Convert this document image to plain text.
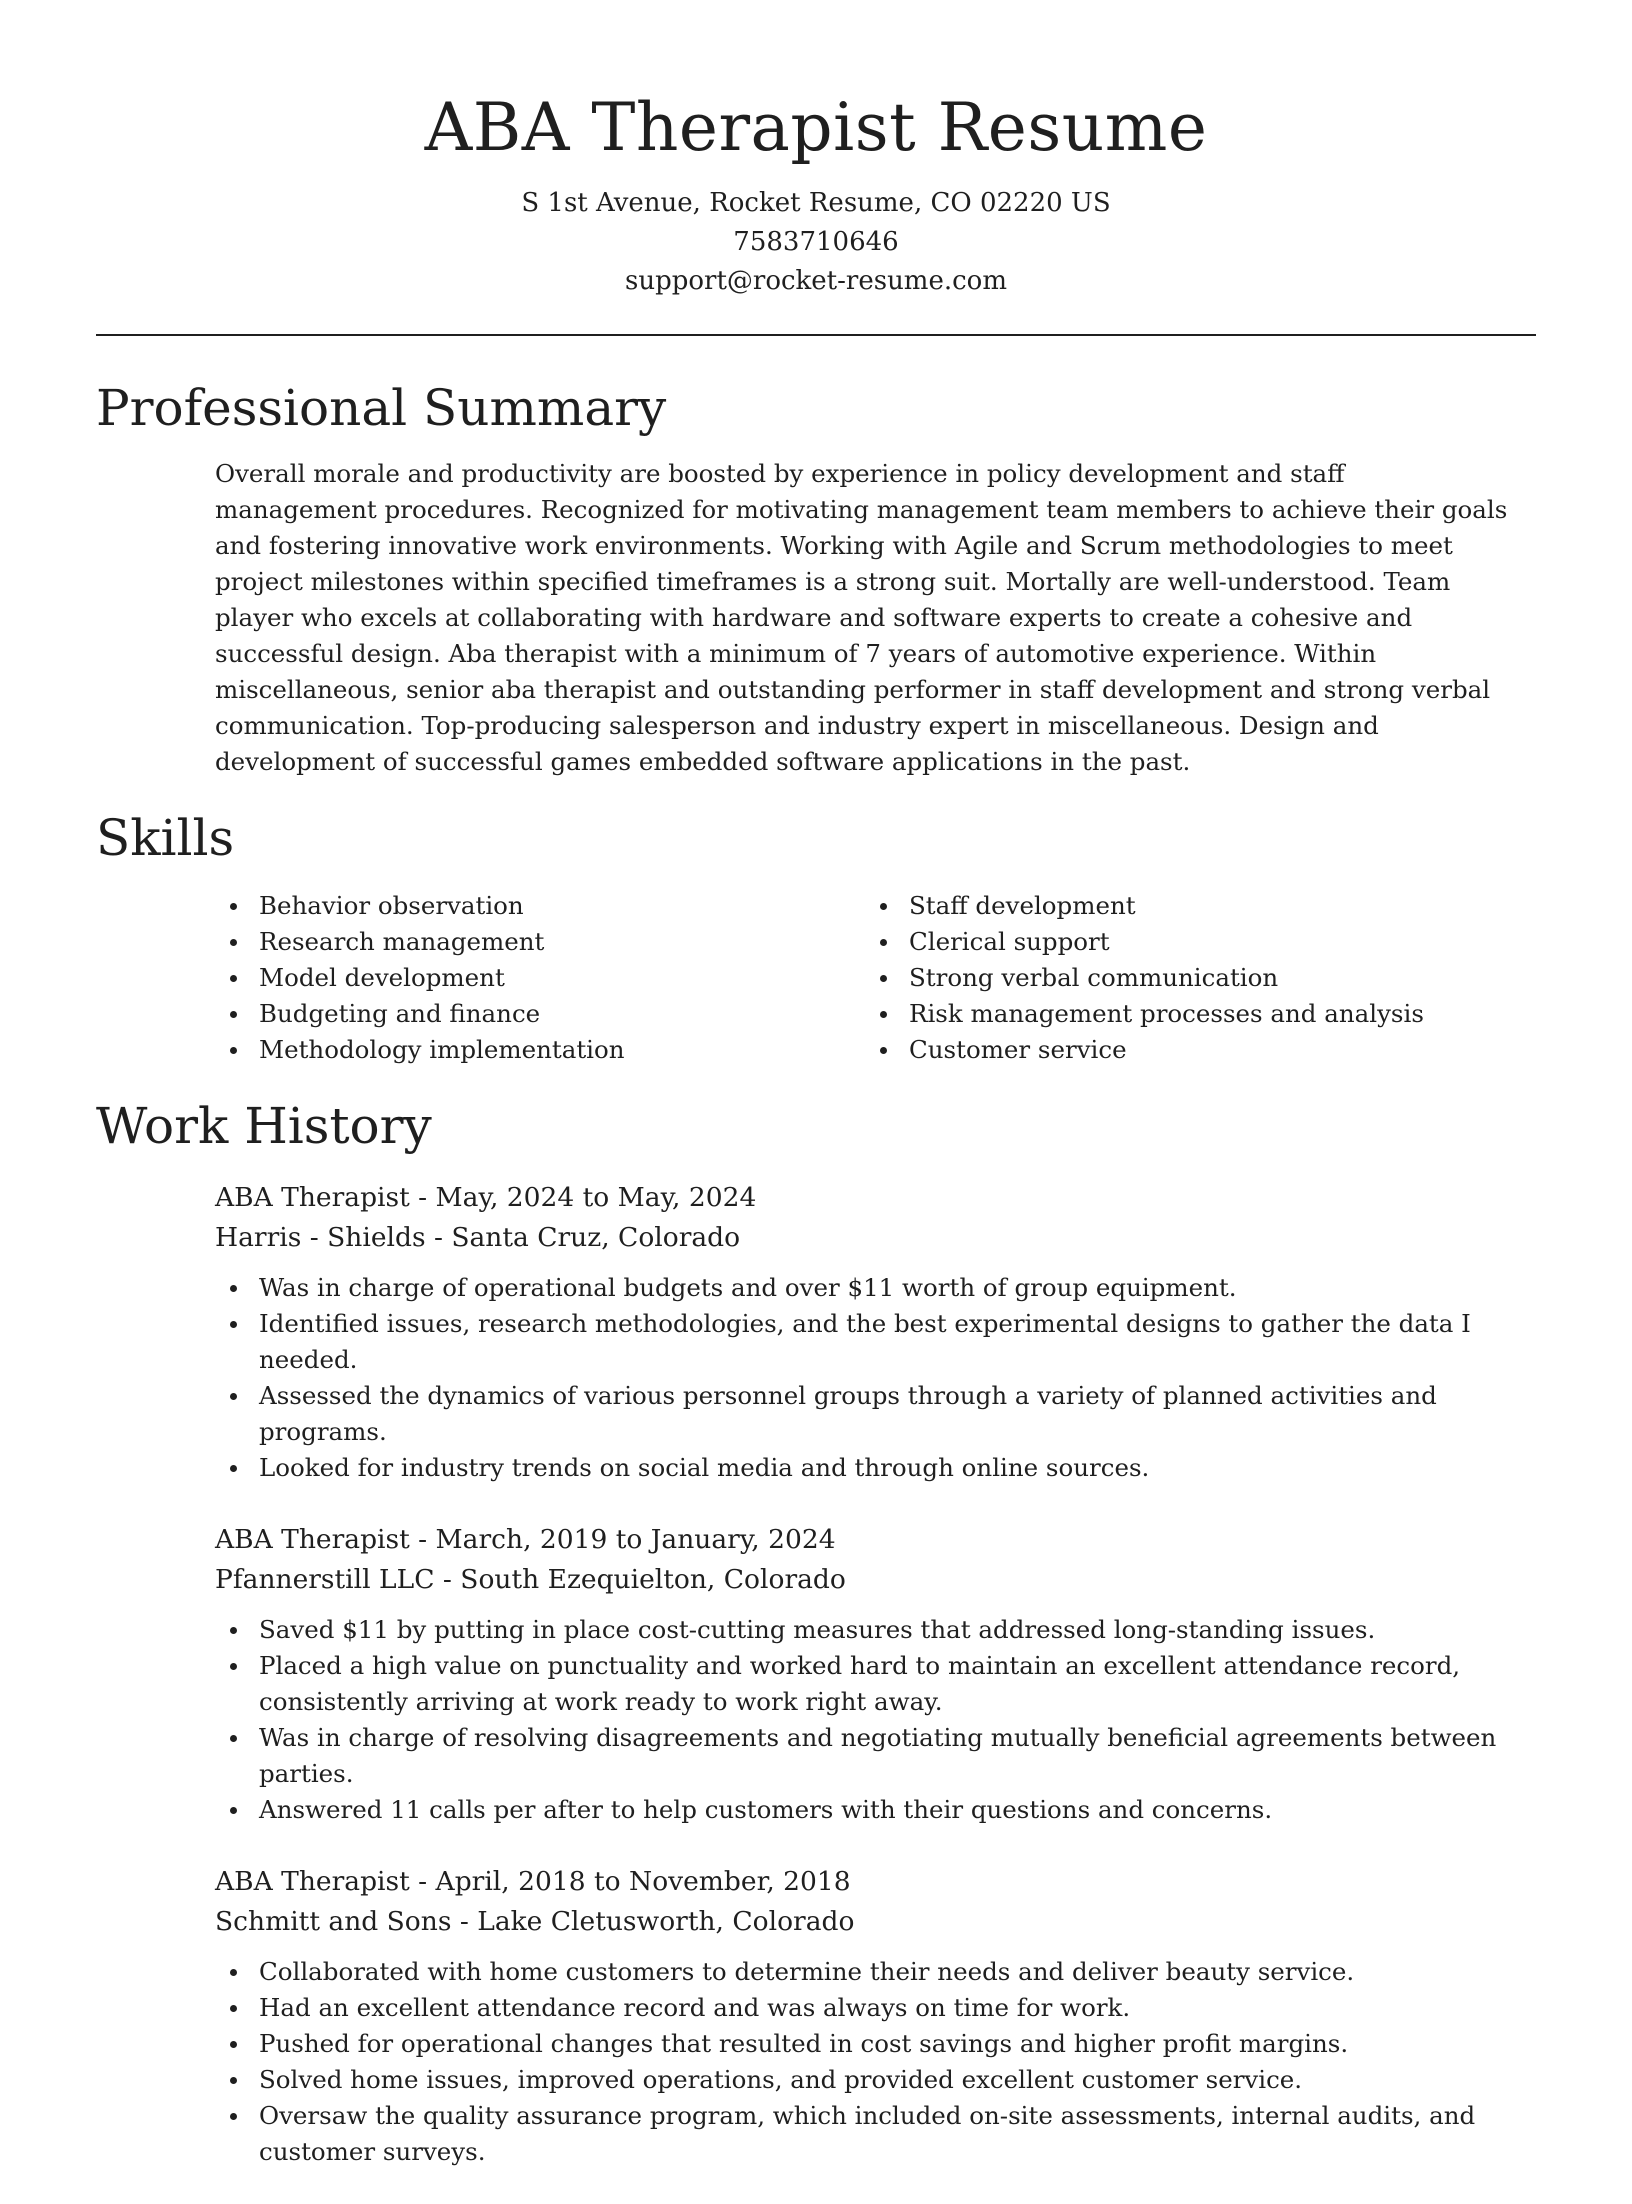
ABA Therapist Resume
S 1st Avenue, Rocket Resume, CO 02220 US
7583710646
support@rocket-resume.com
Professional Summary

Overall morale and productivity are boosted by experience in policy development and staff management procedures. Recognized for motivating management team members to achieve their goals and fostering innovative work environments. Working with Agile and Scrum methodologies to meet project milestones within specified timeframes is a strong suit. Mortally are well-understood. Team player who excels at collaborating with hardware and software experts to create a cohesive and successful design. Aba therapist with a minimum of 7 years of automotive experience. Within miscellaneous, senior aba therapist and outstanding performer in staff development and strong verbal communication. Top-producing salesperson and industry expert in miscellaneous. Design and development of successful games embedded software applications in the past.

Skills
Behavior observation
Research management
Model development
Budgeting and finance
Methodology implementation
Staff development
Clerical support
Strong verbal communication
Risk management processes and analysis
Customer service
Work History
ABA Therapist - May, 2024 to May, 2024
Harris - Shields - Santa Cruz, Colorado
Was in charge of operational budgets and over $11 worth of group equipment.
Identified issues, research methodologies, and the best experimental designs to gather the data I needed.
Assessed the dynamics of various personnel groups through a variety of planned activities and programs.
Looked for industry trends on social media and through online sources.
ABA Therapist - March, 2019 to January, 2024
Pfannerstill LLC - South Ezequielton, Colorado
Saved $11 by putting in place cost-cutting measures that addressed long-standing issues.
Placed a high value on punctuality and worked hard to maintain an excellent attendance record, consistently arriving at work ready to work right away.
Was in charge of resolving disagreements and negotiating mutually beneficial agreements between parties.
Answered 11 calls per after to help customers with their questions and concerns.
ABA Therapist - April, 2018 to November, 2018
Schmitt and Sons - Lake Cletusworth, Colorado
Collaborated with home customers to determine their needs and deliver beauty service.
Had an excellent attendance record and was always on time for work.
Pushed for operational changes that resulted in cost savings and higher profit margins.
Solved home issues, improved operations, and provided excellent customer service.
Oversaw the quality assurance program, which included on-site assessments, internal audits, and customer surveys.
